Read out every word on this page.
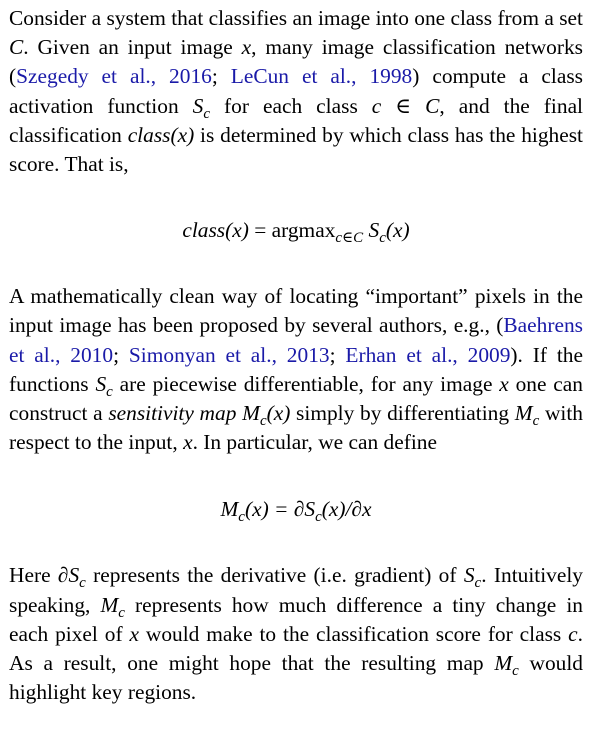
Consider a system that classifies an image into one class from a set C. Given an input image x, many image classification networks (Szegedy et al., 2016; LeCun et al., 1998) compute a class activation function $S_c$ for each class c ∈ C, and the final classification class(x) is determined by which class has the highest score. That is,

class(x) = argmax$_{c\in C}$ $S_c(x)$

A mathematically clean way of locating “important” pixels in the input image has been proposed by several authors, e.g., (Baehrens et al., 2010; Simonyan et al., 2013; Erhan et al., 2009). If the functions $S_c$ are piecewise differentiable, for any image x one can construct a sensitivity map $M_c(x)$ simply by differentiating $M_c$ with respect to the input, x. In particular, we can define

$M_c(x) = \partial S_c(x)/\partial x$

Here $\partial S_c$ represents the derivative (i.e. gradient) of $S_c$. Intuitively speaking, $M_c$ represents how much difference a tiny change in each pixel of x would make to the classification score for class c. As a result, one might hope that the resulting map $M_c$ would highlight key regions.
